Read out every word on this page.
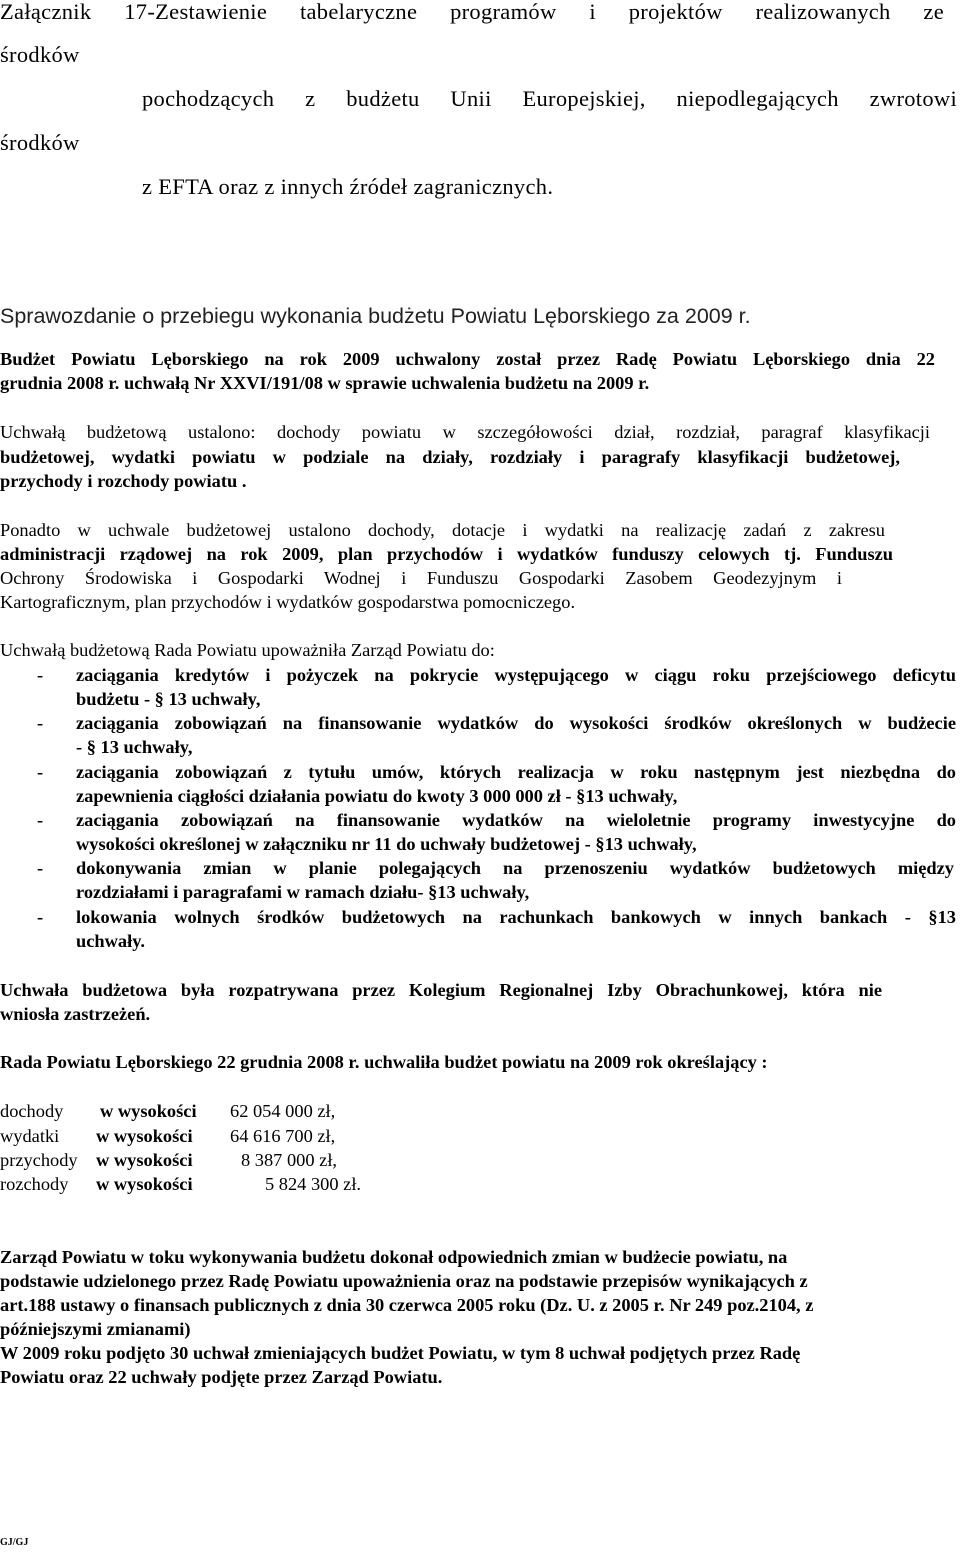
Załącznik 17-Zestawienie tabelaryczne programów i projektów realizowanych ze
środków
pochodzących z budżetu Unii Europejskiej, niepodlegających zwrotowi
środków
z EFTA oraz z innych źródeł zagranicznych.
Sprawozdanie o przebiegu wykonania budżetu Powiatu Lęborskiego za 2009 r.
Budżet Powiatu Lęborskiego na rok 2009 uchwalony został przez Radę Powiatu Lęborskiego dnia 22
grudnia 2008 r. uchwałą Nr XXVI/191/08 w sprawie uchwalenia budżetu na 2009 r.
Uchwałą budżetową ustalono: dochody powiatu w szczegółowości dział, rozdział, paragraf klasyfikacji
budżetowej, wydatki powiatu w podziale na działy, rozdziały i paragrafy klasyfikacji budżetowej,
przychody i rozchody powiatu .
Ponadto w uchwale budżetowej ustalono dochody, dotacje i wydatki na realizację zadań z zakresu
administracji rządowej na rok 2009, plan przychodów i wydatków funduszy celowych tj. Funduszu
Ochrony Środowiska i Gospodarki Wodnej i Funduszu Gospodarki Zasobem Geodezyjnym i
Kartograficznym, plan przychodów i wydatków gospodarstwa pomocniczego.
Uchwałą budżetową Rada Powiatu upoważniła Zarząd Powiatu do:
- zaciągania kredytów i pożyczek na pokrycie występującego w ciągu roku przejściowego deficytu
budżetu - § 13 uchwały,
- zaciągania zobowiązań na finansowanie wydatków do wysokości środków określonych w budżecie
- § 13 uchwały,
- zaciągania zobowiązań z tytułu umów, których realizacja w roku następnym jest niezbędna do
zapewnienia ciągłości działania powiatu do kwoty 3 000 000 zł - §13 uchwały,
- zaciągania zobowiązań na finansowanie wydatków na wieloletnie programy inwestycyjne do
wysokości określonej w załączniku nr 11 do uchwały budżetowej - §13 uchwały,
- dokonywania zmian w planie polegających na przenoszeniu wydatków budżetowych między
rozdziałami i paragrafami w ramach działu- §13 uchwały,
- lokowania wolnych środków budżetowych na rachunkach bankowych w innych bankach - §13
uchwały.
Uchwała budżetowa była rozpatrywana przez Kolegium Regionalnej Izby Obrachunkowej, która nie
wniosła zastrzeżeń.
Rada Powiatu Lęborskiego 22 grudnia 2008 r. uchwaliła budżet powiatu na 2009 rok określający :
dochody w wysokości 62 054 000 zł,
wydatki w wysokości 64 616 700 zł,
przychody w wysokości	8 387 000 zł,
rozchody w wysokości	5 824 300 zł.
Zarząd Powiatu w toku wykonywania budżetu dokonał odpowiednich zmian w budżecie powiatu, na
podstawie udzielonego przez Radę Powiatu upoważnienia oraz na podstawie przepisów wynikających z
art.188 ustawy o finansach publicznych z dnia 30 czerwca 2005 roku (Dz. U. z 2005 r. Nr 249 poz.2104, z
późniejszymi zmianami)
W 2009 roku podjęto 30 uchwał zmieniających budżet Powiatu, w tym 8 uchwał podjętych przez Radę
Powiatu oraz 22 uchwały podjęte przez Zarząd Powiatu.
GJ/GJ
